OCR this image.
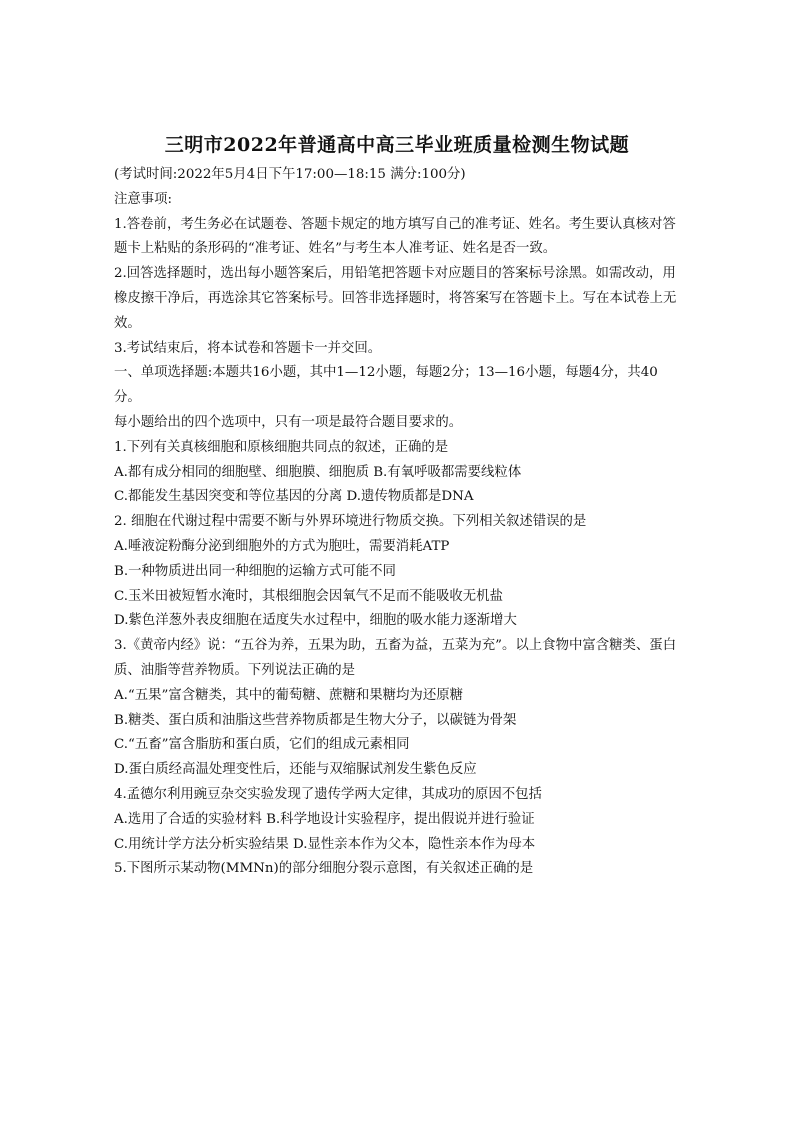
三明市2022年普通高中高三毕业班质量检测生物试题
(考试时间:2022年5月4日下午17:00—18:15 满分:100分)
注意事项:
1.答卷前，考生务必在试题卷、答题卡规定的地方填写自己的准考证、姓名。考生要认真核对答
题卡上粘贴的条形码的“准考证、姓名”与考生本人准考证、姓名是否一致。
2.回答选择题时，选出每小题答案后，用铅笔把答题卡对应题目的答案标号涂黑。如需改动，用
橡皮擦干净后，再选涂其它答案标号。回答非选择题时，将答案写在答题卡上。写在本试卷上无
效。
3.考试结束后，将本试卷和答题卡一并交回。
一、单项选择题:本题共16小题，其中1—12小题，每题2分；13—16小题，每题4分，共40
分。
每小题给出的四个选项中，只有一项是最符合题目要求的。
1.下列有关真核细胞和原核细胞共同点的叙述，正确的是
A.都有成分相同的细胞壁、细胞膜、细胞质 B.有氧呼吸都需要线粒体
C.都能发生基因突变和等位基因的分离 D.遗传物质都是DNA
2. 细胞在代谢过程中需要不断与外界环境进行物质交换。下列相关叙述错误的是
A.唾液淀粉酶分泌到细胞外的方式为胞吐，需要消耗ATP
B.一种物质进出同一种细胞的运输方式可能不同
C.玉米田被短暂水淹时，其根细胞会因氧气不足而不能吸收无机盐
D.紫色洋葱外表皮细胞在适度失水过程中，细胞的吸水能力逐渐增大
3.《黄帝内经》说：“五谷为养，五果为助，五畜为益，五菜为充”。以上食物中富含糖类、蛋白
质、油脂等营养物质。下列说法正确的是
A.“五果”富含糖类，其中的葡萄糖、蔗糖和果糖均为还原糖
B.糖类、蛋白质和油脂这些营养物质都是生物大分子，以碳链为骨架
C.“五畜”富含脂肪和蛋白质，它们的组成元素相同
D.蛋白质经高温处理变性后，还能与双缩脲试剂发生紫色反应
4.孟德尔利用豌豆杂交实验发现了遗传学两大定律，其成功的原因不包括
A.选用了合适的实验材料 B.科学地设计实验程序，提出假说并进行验证
C.用统计学方法分析实验结果 D.显性亲本作为父本，隐性亲本作为母本
5.下图所示某动物(MMNn)的部分细胞分裂示意图，有关叙述正确的是
